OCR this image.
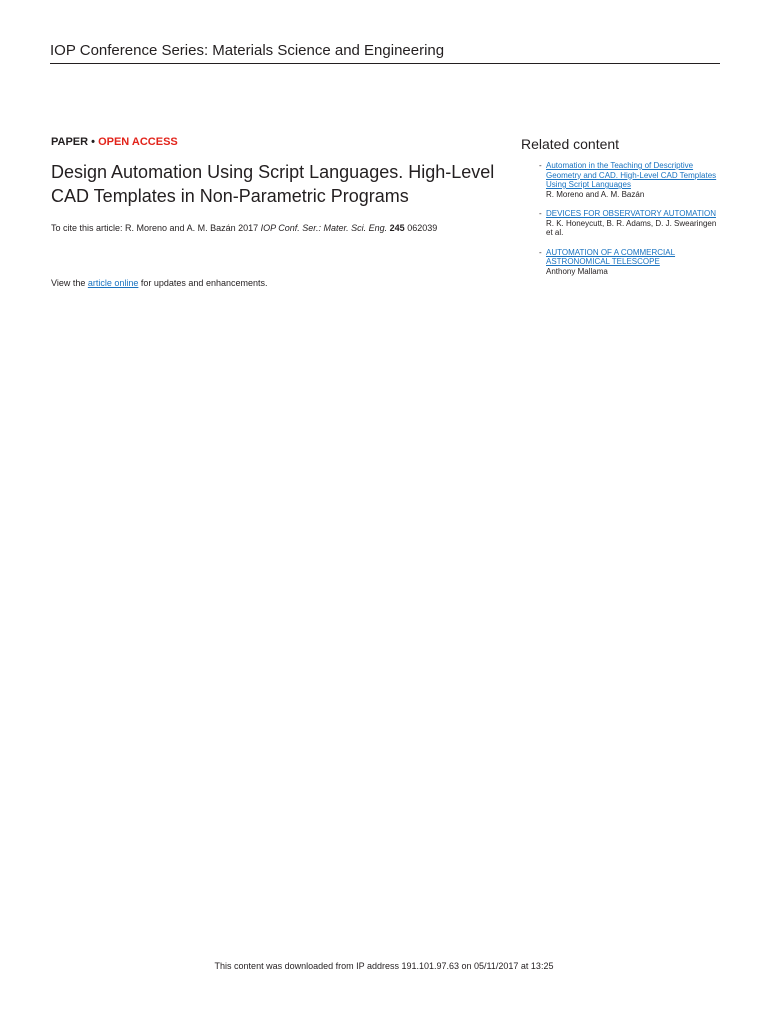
IOP Conference Series: Materials Science and Engineering
PAPER • OPEN ACCESS
Design Automation Using Script Languages. High-Level CAD Templates in Non-Parametric Programs
To cite this article: R. Moreno and A. M. Bazán 2017 IOP Conf. Ser.: Mater. Sci. Eng. 245 062039
View the article online for updates and enhancements.
Related content
- Automation in the Teaching of Descriptive Geometry and CAD. High-Level CAD Templates Using Script Languages
R. Moreno and A. M. Bazán
- DEVICES FOR OBSERVATORY AUTOMATION
R. K. Honeycutt, B. R. Adams, D. J. Swearingen et al.
- AUTOMATION OF A COMMERCIAL ASTRONOMICAL TELESCOPE
Anthony Mallama
This content was downloaded from IP address 191.101.97.63 on 05/11/2017 at 13:25
